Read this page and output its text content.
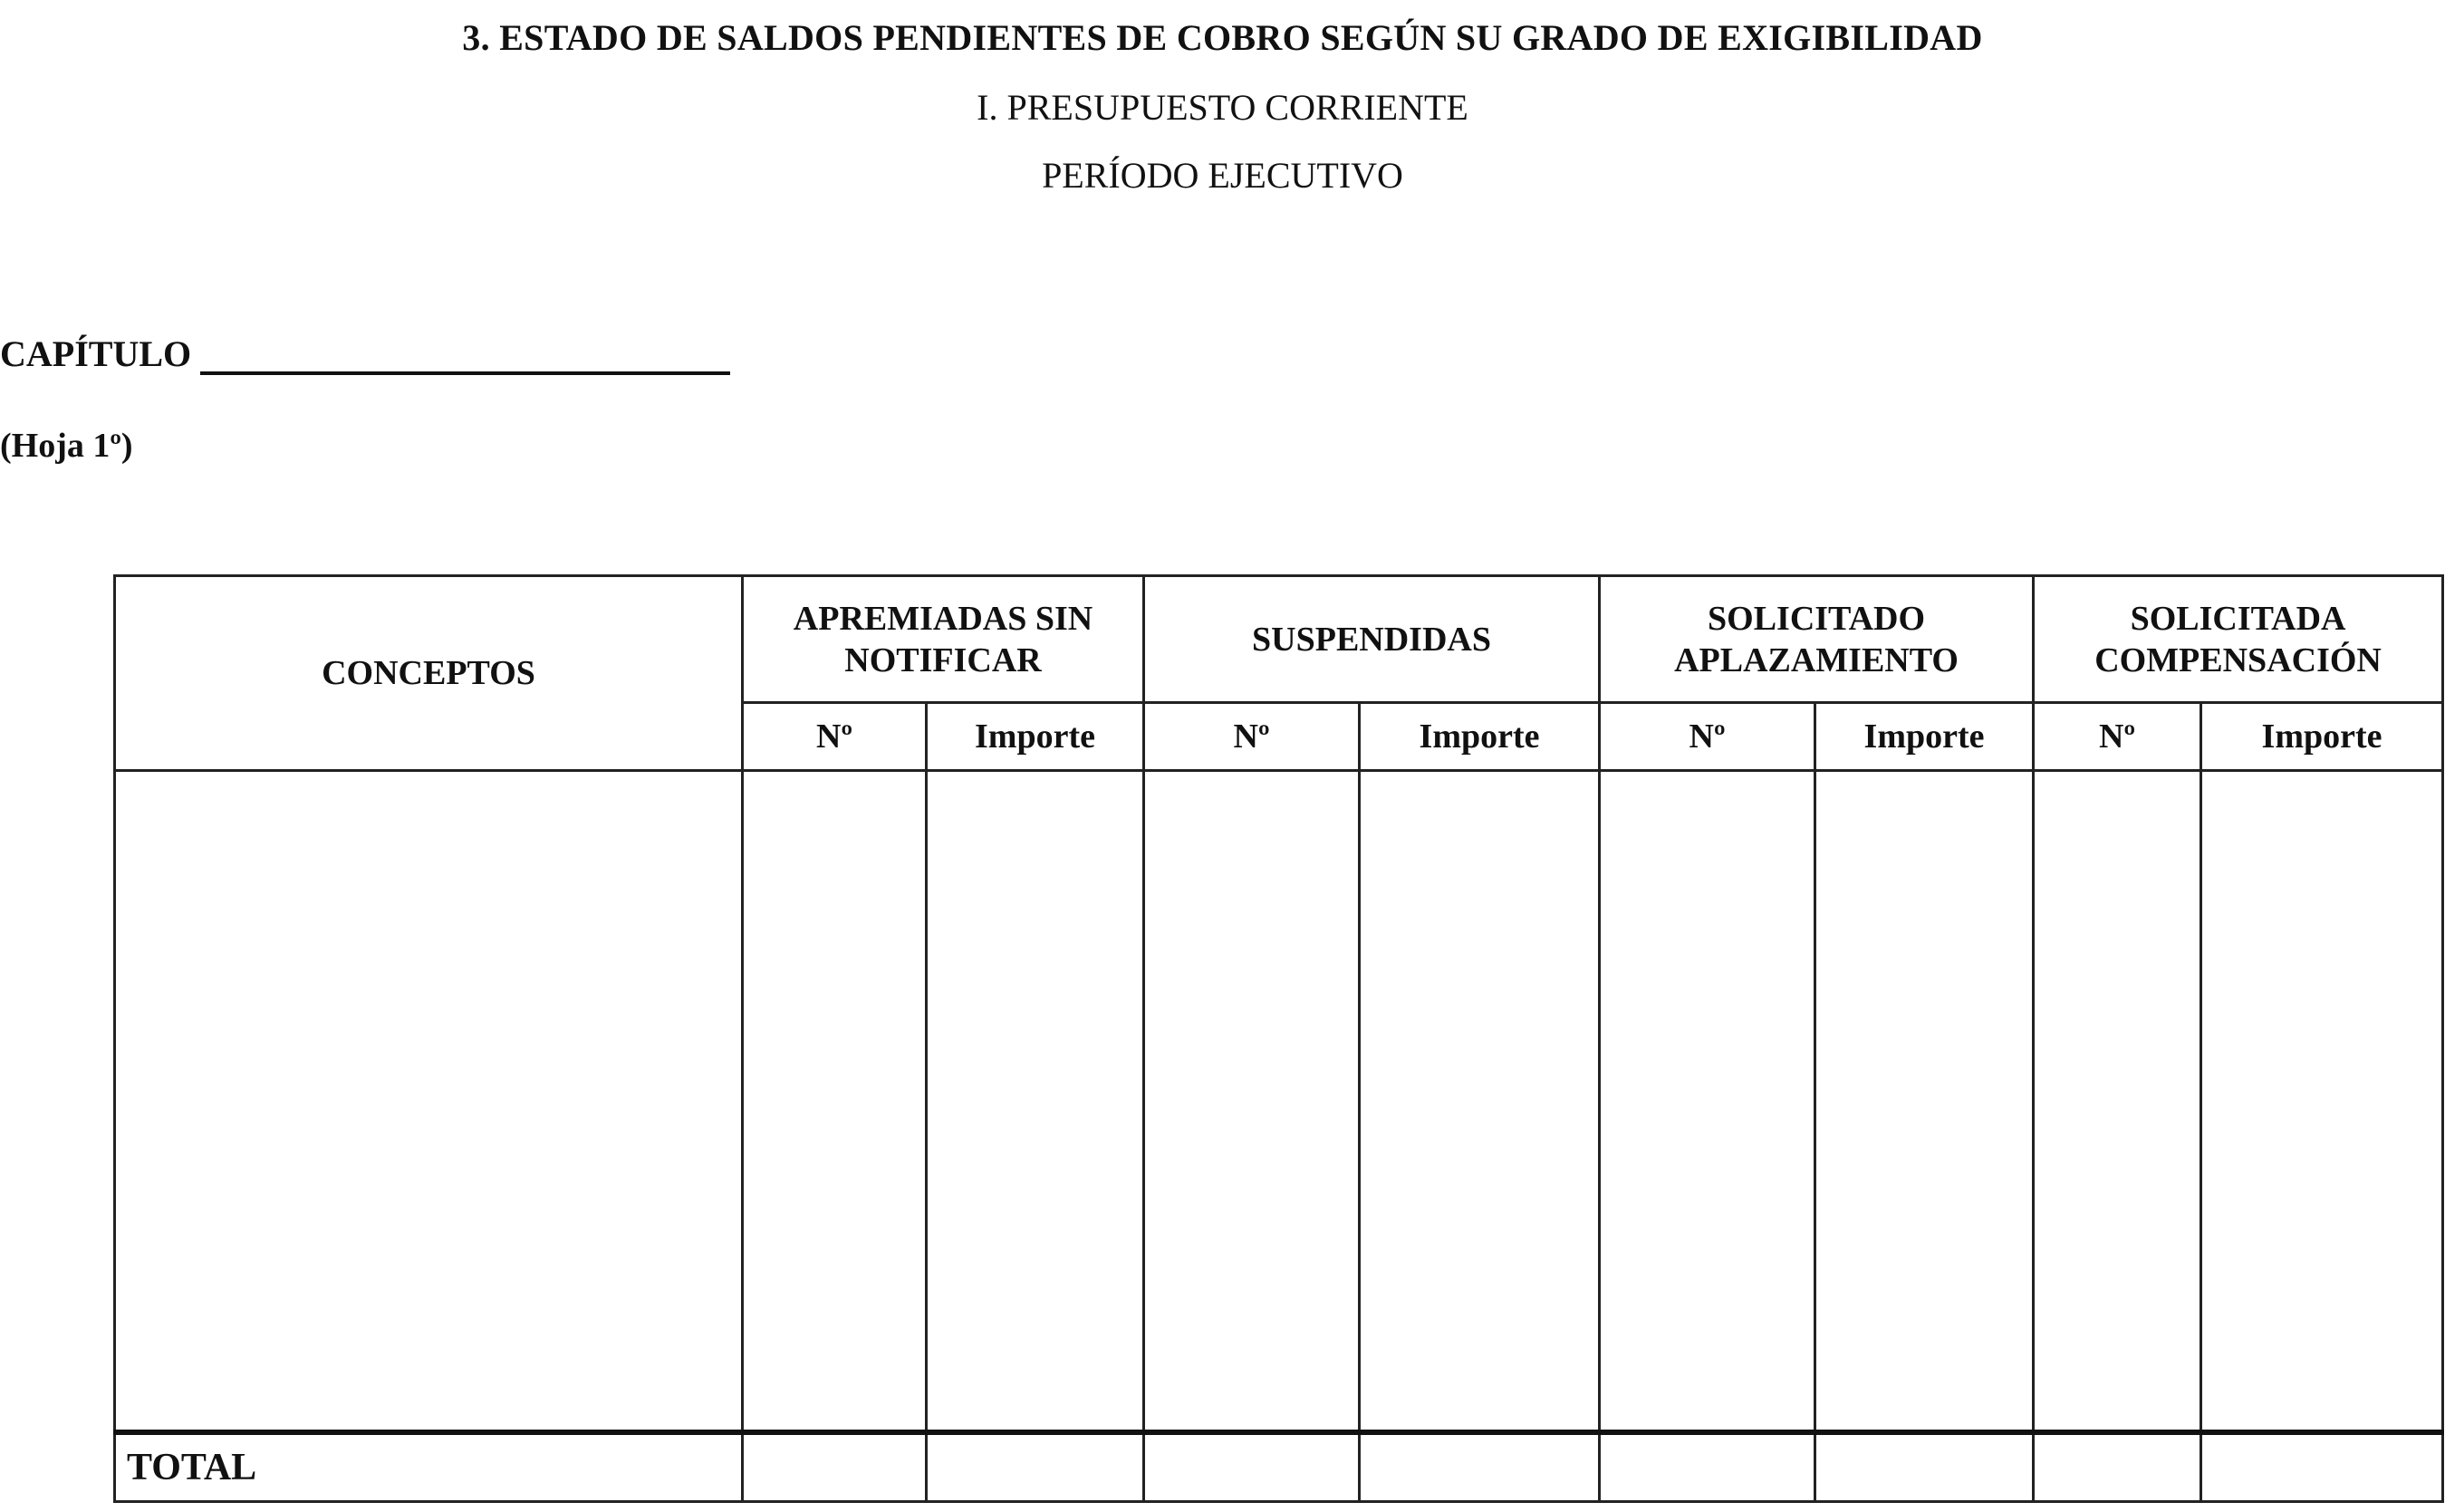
3. ESTADO DE SALDOS PENDIENTES DE COBRO SEGÚN SU GRADO DE EXIGIBILIDAD
I. PRESUPUESTO CORRIENTE
PERÍODO EJECUTIVO
CAPÍTULO
(Hoja 1º)
CONCEPTOS	APREMIADAS SIN NOTIFICAR		SUSPENDIDAS		SOLICITADO APLAZAMIENTO		SOLICITADA COMPENSACIÓN	
	Nº	Importe	Nº	Importe	Nº	Importe	Nº	Importe

TOTAL								
